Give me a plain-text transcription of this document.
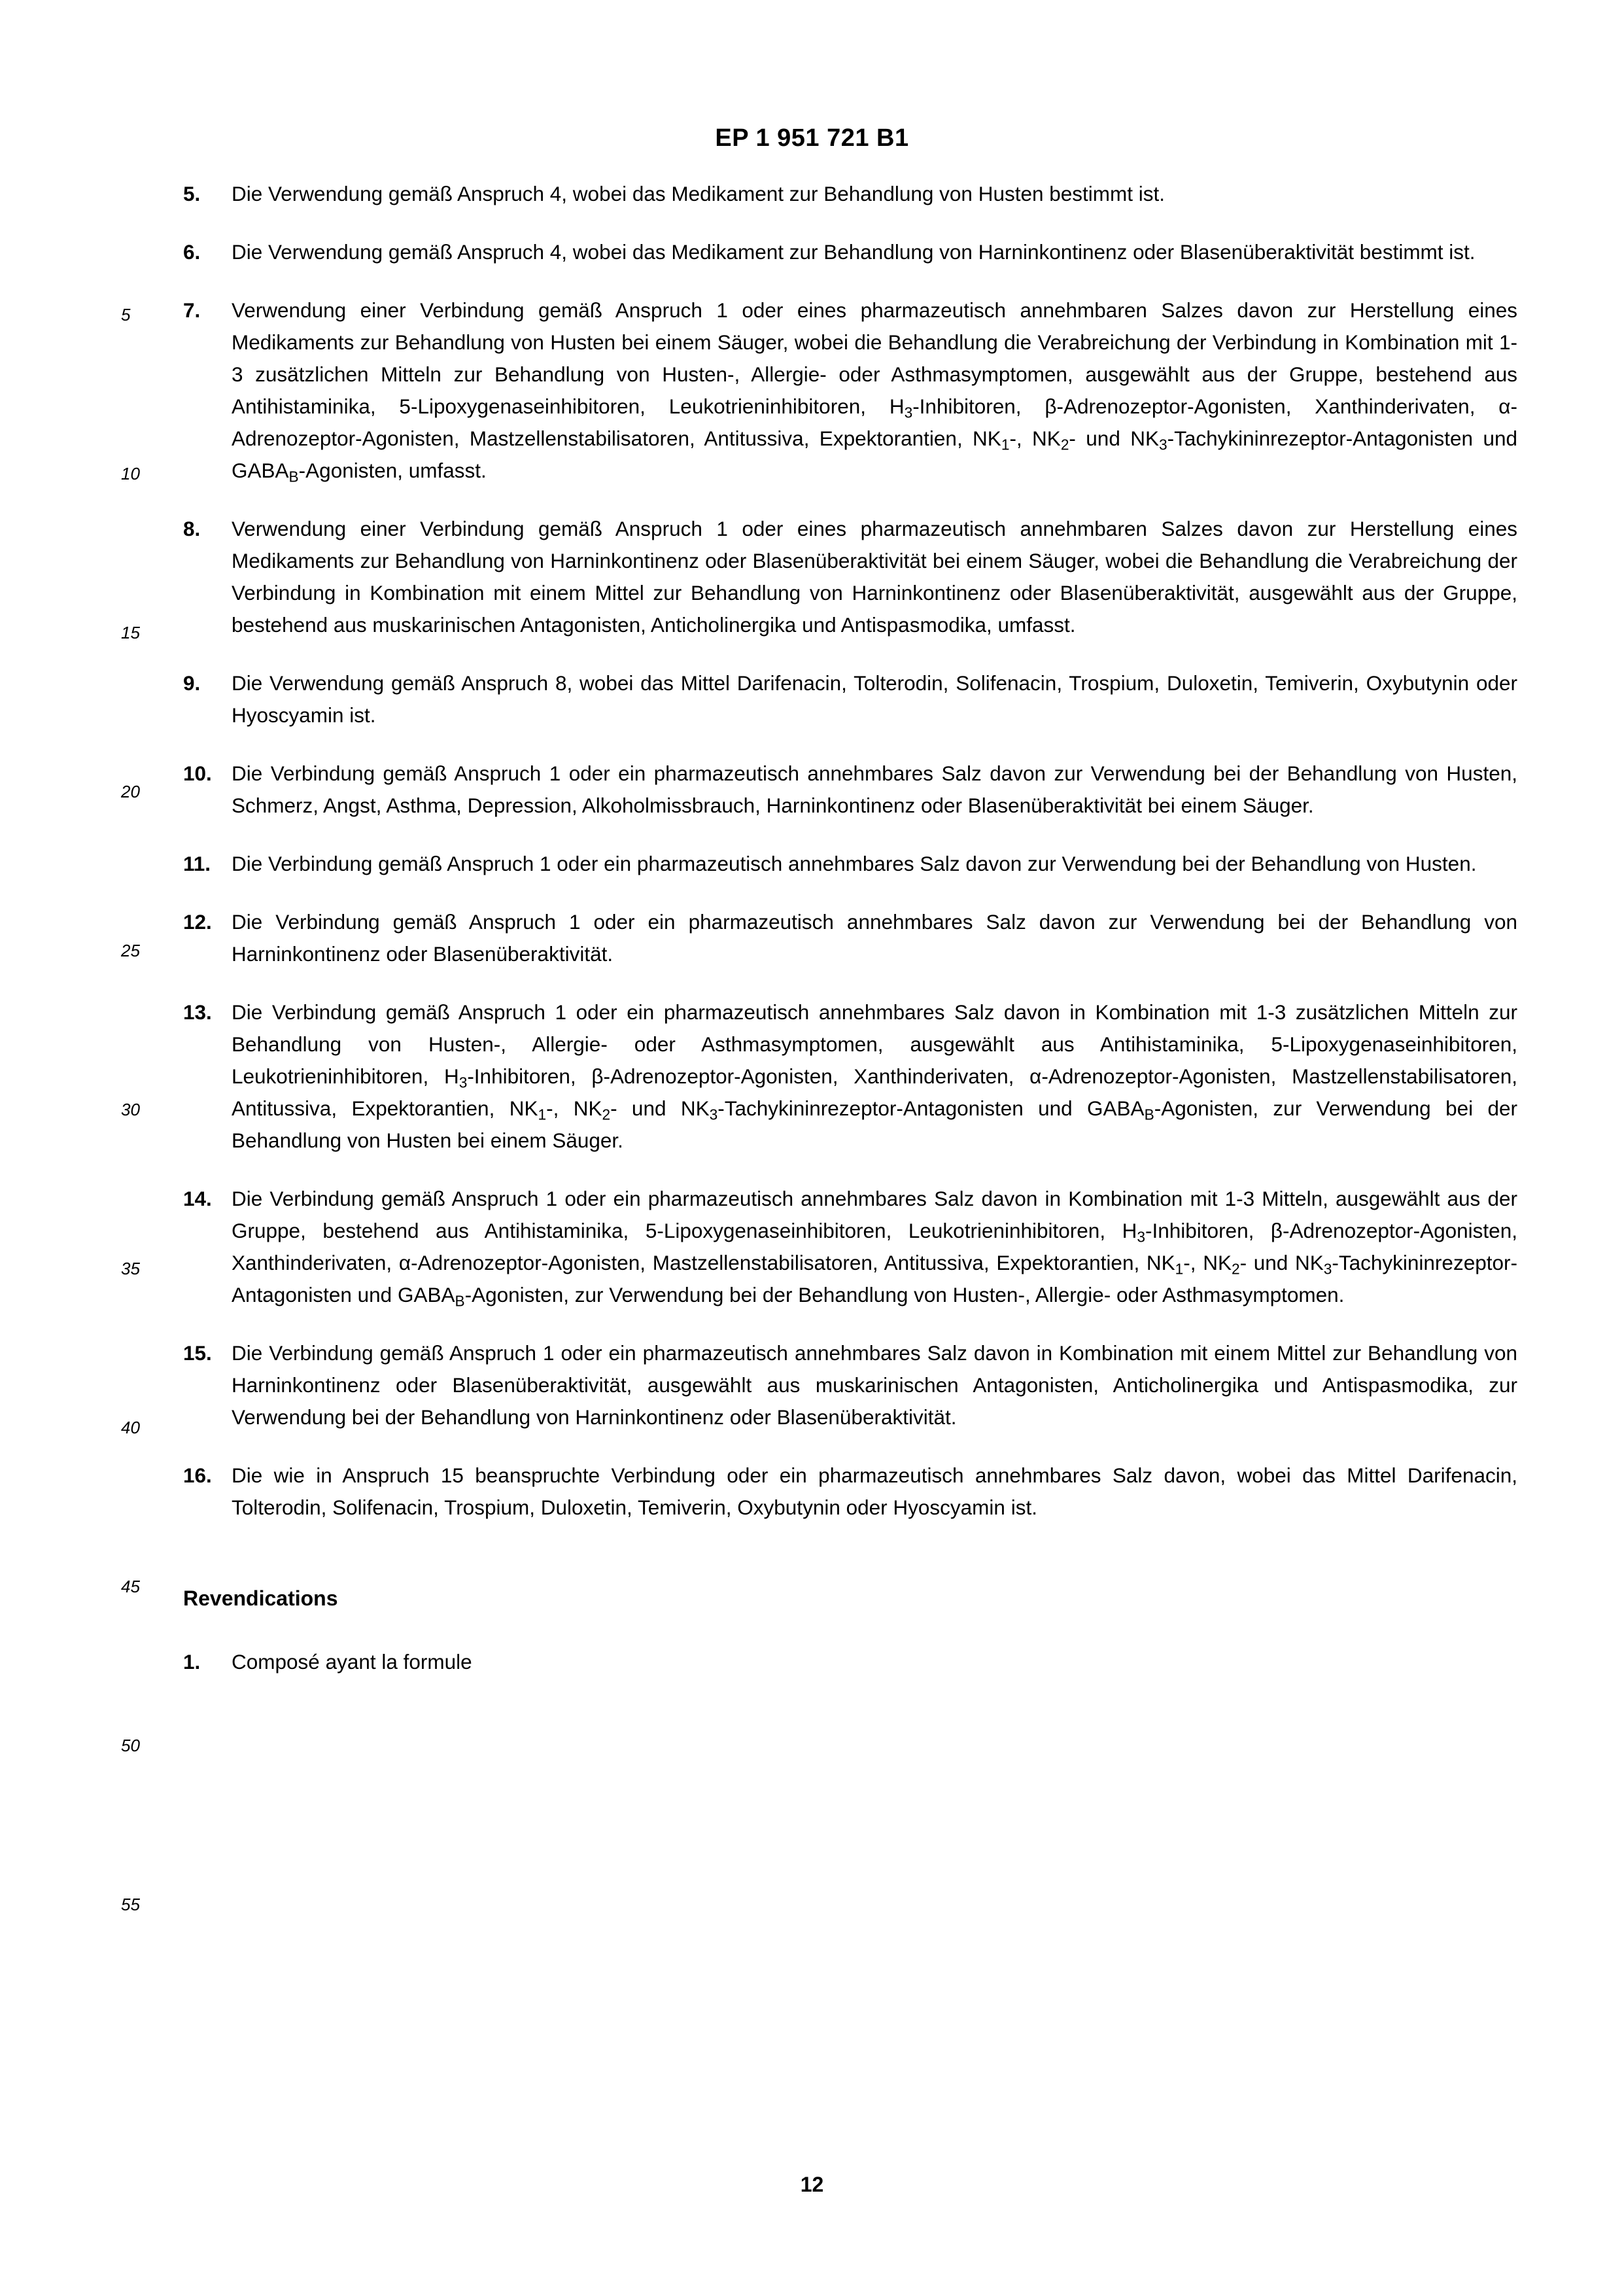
EP 1 951 721 B1
5
10
15
20
25
30
35
40
45
50
55
5.	Die Verwendung gemäß Anspruch 4, wobei das Medikament zur Behandlung von Husten bestimmt ist.
6.	Die Verwendung gemäß Anspruch 4, wobei das Medikament zur Behandlung von Harninkontinenz oder Blasenüberaktivität bestimmt ist.
7.	Verwendung einer Verbindung gemäß Anspruch 1 oder eines pharmazeutisch annehmbaren Salzes davon zur Herstellung eines Medikaments zur Behandlung von Husten bei einem Säuger, wobei die Behandlung die Verabreichung der Verbindung in Kombination mit 1-3 zusätzlichen Mitteln zur Behandlung von Husten-, Allergie- oder Asthmasymptomen, ausgewählt aus der Gruppe, bestehend aus Antihistaminika, 5-Lipoxygenaseinhibitoren, Leukotrieninhibitoren, $H_3$-Inhibitoren, β-Adrenozeptor-Agonisten, Xanthinderivaten, α-Adrenozeptor-Agonisten, Mastzellenstabilisatoren, Antitussiva, Expektorantien, $NK_1-$, $NK_2-$ und $NK_3-Tachykininrezeptor$-Antagonisten und $GABA_B$-Agonisten, umfasst.
8.	Verwendung einer Verbindung gemäß Anspruch 1 oder eines pharmazeutisch annehmbaren Salzes davon zur Herstellung eines Medikaments zur Behandlung von Harninkontinenz oder Blasenüberaktivität bei einem Säuger, wobei die Behandlung die Verabreichung der Verbindung in Kombination mit einem Mittel zur Behandlung von Harninkontinenz oder Blasenüberaktivität, ausgewählt aus der Gruppe, bestehend aus muskarinischen Antagonisten, Anticholinergika und Antispasmodika, umfasst.
9.	Die Verwendung gemäß Anspruch 8, wobei das Mittel Darifenacin, Tolterodin, Solifenacin, Trospium, Duloxetin, Temiverin, Oxybutynin oder Hyoscyamin ist.
10. Die Verbindung gemäß Anspruch 1 oder ein pharmazeutisch annehmbares Salz davon zur Verwendung bei der Behandlung von Husten, Schmerz, Angst, Asthma, Depression, Alkoholmissbrauch, Harninkontinenz oder Blasenüberaktivität bei einem Säuger.
11.	Die Verbindung gemäß Anspruch 1 oder ein pharmazeutisch annehmbares Salz davon zur Verwendung bei der Behandlung von Husten.
12. Die Verbindung gemäß Anspruch 1 oder ein pharmazeutisch annehmbares Salz davon zur Verwendung bei der Behandlung von Harninkontinenz oder Blasenüberaktivität.
13. Die Verbindung gemäß Anspruch 1 oder ein pharmazeutisch annehmbares Salz davon in Kombination mit 1-3 zusätzlichen Mitteln zur Behandlung von Husten-, Allergie- oder Asthmasymptomen, ausgewählt aus Antihistaminika, 5-Lipoxygenaseinhibitoren, Leukotrieninhibitoren, $H_3$-Inhibitoren, β-Adrenozeptor-Agonisten, Xanthinderivaten, α-Adrenozeptor-Agonisten, Mastzellenstabilisatoren, Antitussiva, Expektorantien, $NK_1-$, $NK_2-$ und $NK_3-Tachykininrezeptor$-Antagonisten und $GABA_B$-Agonisten, zur Verwendung bei der Behandlung von Husten bei einem Säuger.
14. Die Verbindung gemäß Anspruch 1 oder ein pharmazeutisch annehmbares Salz davon in Kombination mit 1-3 Mitteln, ausgewählt aus der Gruppe, bestehend aus Antihistaminika, 5-Lipoxygenaseinhibitoren, Leukotrieninhibitoren, $H_3$-Inhibitoren, β-Adrenozeptor-Agonisten, Xanthinderivaten, α-Adrenozeptor-Agonisten, Mastzellenstabilisatoren, Antitussiva, Expektorantien, $NK_1-$, $NK_2-$ und $NK_3-Tachykininrezeptor$-Antagonisten und $GABA_B$-Agonisten, zur Verwendung bei der Behandlung von Husten-, Allergie- oder Asthmasymptomen.
15. Die Verbindung gemäß Anspruch 1 oder ein pharmazeutisch annehmbares Salz davon in Kombination mit einem Mittel zur Behandlung von Harninkontinenz oder Blasenüberaktivität, ausgewählt aus muskarinischen Antagonisten, Anticholinergika und Antispasmodika, zur Verwendung bei der Behandlung von Harninkontinenz oder Blasenüberaktivität.
16. Die wie in Anspruch 15 beanspruchte Verbindung oder ein pharmazeutisch annehmbares Salz davon, wobei das Mittel Darifenacin, Tolterodin, Solifenacin, Trospium, Duloxetin, Temiverin, Oxybutynin oder Hyoscyamin ist.
Revendications
1.	Composé ayant la formule
12
